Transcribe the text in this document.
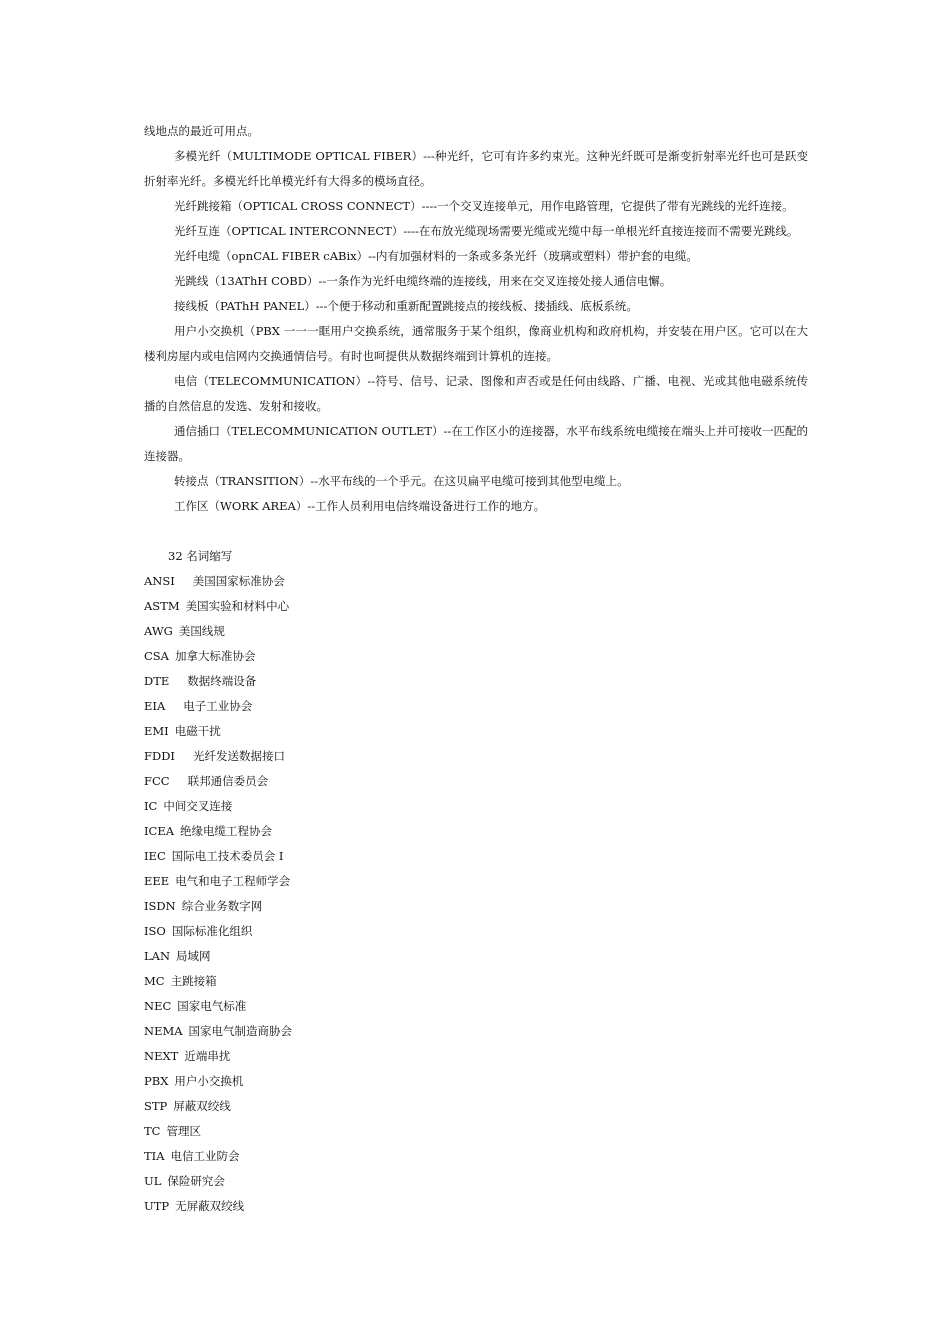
线地点的最近可用点。

多模光纤（MULTIMODE OPTICAL FIBER）---种光纤，它可有许多约束光。这种光纤既可是渐变折射率光纤也可是跃变折射率光纤。多模光纤比单模光纤有大得多的模场直径。

光纤跳接箱（OPTICAL CROSS CONNECT）----一个交叉连接单元，用作电路管理，它提供了带有光跳线的光纤连接。

光纤互连（OPTICAL INTERCONNECT）----在布放光缆现场需要光缆或光缆中每一单根光纤直接连接而不需要光跳线。

光纤电缆（opnCAL FIBER cABix）--内有加强材料的一条或多条光纤（玻璃或塑料）带护套的电缆。

光跳线（13AThH COBD）--一条作为光纤电缆终端的连接线，用来在交叉连接处接人通信电懈。

接线板（PAThH PANEL）---个便于移动和重新配置跳接点的接线板、搂插线、底板系统。

用户小交换机（PBX 一一一眶用户交换系统，通常服务于某个组织，像商业机构和政府机构，并安装在用户区。它可以在大楼利房屋内或电信网内交换通情信号。有时也呵提供从数据终端到计算机的连接。

电信（TELECOMMUNICATION）--符号、信号、记录、图像和声否或是任何由线路、广播、电视、光或其他电磁系统传播的自然信息的发选、发射和接收。

通信插口（TELECOMMUNICATION OUTLET）--在工作区小的连接器，水平布线系统电缆接在端头上并可接收一匹配的连接器。

转接点（TRANSITION）--水平布线的一个乎元。在这贝扁平电缆可接到其他型电缆上。

工作区（WORK AREA）--工作人员利用电信终端设备进行工作的地方。

32 名词缩写

ANSI 美国国家标准协会
ASTM 美国实验和材料中心
AWG 美国线规
CSA 加拿大标准协会
DTE 数据终端设备
EIA 电子工业协会
EMI 电磁干扰
FDDI 光纤发送数据接口
FCC 联邦通信委员会
IC 中间交叉连接
ICEA 绝缘电缆工程协会
IEC 国际电工技术委员会 I
EEE 电气和电子工程师学会
ISDN 综合业务数字网
ISO 国际标准化组织
LAN 局域网
MC 主跳接箱
NEC 国家电气标准
NEMA 国家电气制造商胁会
NEXT 近端串扰
PBX 用户小交换机
STP 屏蔽双绞线
TC 管理区
TIA 电信工业防会
UL 保险研究会
UTP 无屏蔽双绞线
